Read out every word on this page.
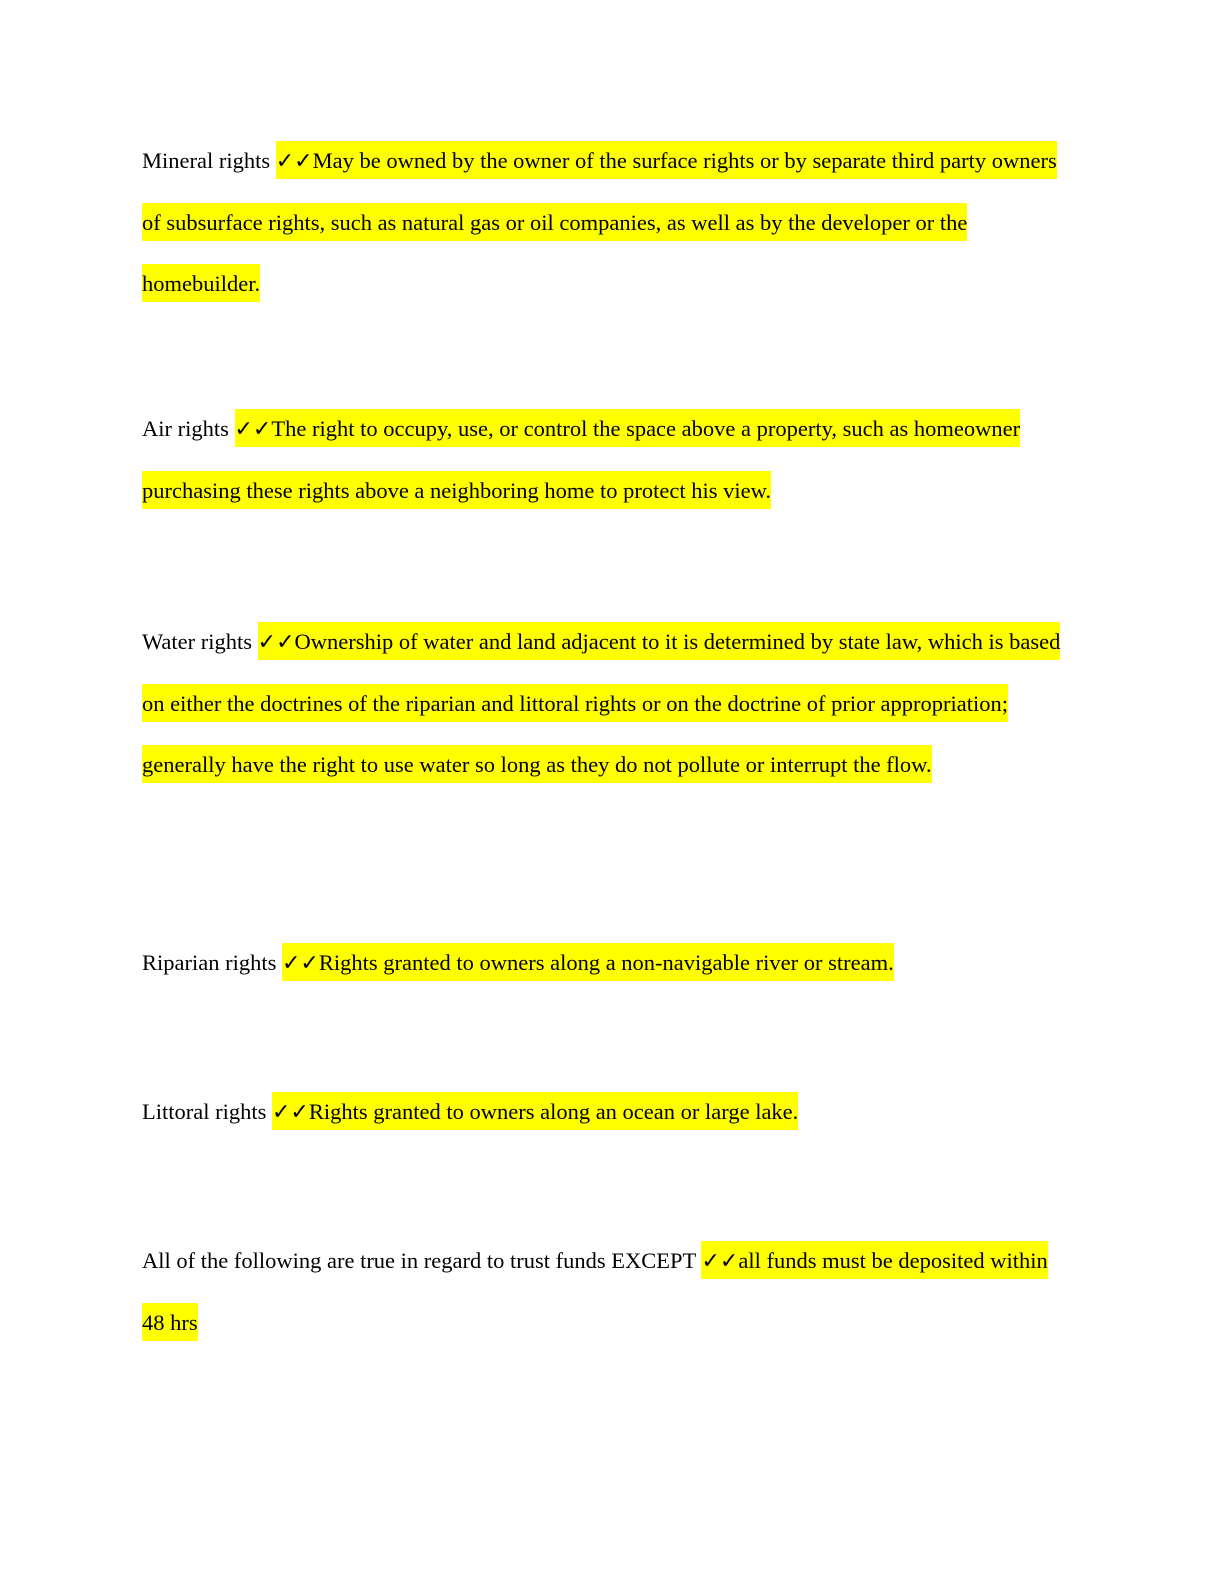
Mineral rights ✓✓May be owned by the owner of the surface rights or by separate third party owners of subsurface rights, such as natural gas or oil companies, as well as by the developer or the homebuilder.
Air rights ✓✓The right to occupy, use, or control the space above a property, such as homeowner purchasing these rights above a neighboring home to protect his view.
Water rights ✓✓Ownership of water and land adjacent to it is determined by state law, which is based on either the doctrines of the riparian and littoral rights or on the doctrine of prior appropriation; generally have the right to use water so long as they do not pollute or interrupt the flow.
Riparian rights ✓✓Rights granted to owners along a non-navigable river or stream.
Littoral rights ✓✓Rights granted to owners along an ocean or large lake.
All of the following are true in regard to trust funds EXCEPT ✓✓all funds must be deposited within 48 hrs
